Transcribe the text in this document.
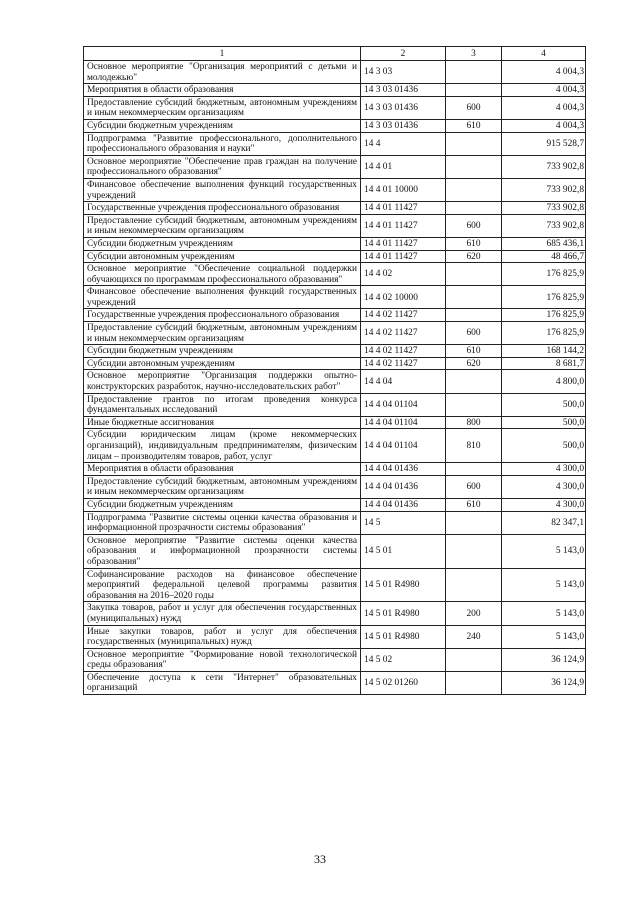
1	2	3	4
Основное мероприятие "Организация мероприятий с детьми и молодежью"	14 3 03		4 004,3
Мероприятия в области образования	14 3 03 01436		4 004,3
Предоставление субсидий бюджетным, автономным учреждениям и иным некоммерческим организациям	14 3 03 01436	600	4 004,3
Субсидии бюджетным учреждениям	14 3 03 01436	610	4 004,3
Подпрограмма "Развитие профессионального, дополнительного профессионального образования и науки"	14 4		915 528,7
Основное мероприятие "Обеспечение прав граждан на получение профессионального образования"	14 4 01		733 902,8
Финансовое обеспечение выполнения функций государственных учреждений	14 4 01 10000		733 902,8
Государственные учреждения профессионального образования	14 4 01 11427		733 902,8
Предоставление субсидий бюджетным, автономным учреждениям и иным некоммерческим организациям	14 4 01 11427	600	733 902,8
Субсидии бюджетным учреждениям	14 4 01 11427	610	685 436,1
Субсидии автономным учреждениям	14 4 01 11427	620	48 466,7
Основное мероприятие "Обеспечение социальной поддержки обучающихся по программам профессионального образования"	14 4 02		176 825,9
Финансовое обеспечение выполнения функций государственных учреждений	14 4 02 10000		176 825,9
Государственные учреждения профессионального образования	14 4 02 11427		176 825,9
Предоставление субсидий бюджетным, автономным учреждениям и иным некоммерческим организациям	14 4 02 11427	600	176 825,9
Субсидии бюджетным учреждениям	14 4 02 11427	610	168 144,2
Субсидии автономным учреждениям	14 4 02 11427	620	8 681,7
Основное мероприятие "Организация поддержки опытно-конструкторских разработок, научно-исследовательских работ"	14 4 04		4 800,0
Предоставление грантов по итогам проведения конкурса фундаментальных исследований	14 4 04 01104		500,0
Иные бюджетные ассигнования	14 4 04 01104	800	500,0
Субсидии юридическим лицам (кроме некоммерческих организаций), индивидуальным предпринимателям, физическим лицам – производителям товаров, работ, услуг	14 4 04 01104	810	500,0
Мероприятия в области образования	14 4 04 01436		4 300,0
Предоставление субсидий бюджетным, автономным учреждениям и иным некоммерческим организациям	14 4 04 01436	600	4 300,0
Субсидии бюджетным учреждениям	14 4 04 01436	610	4 300,0
Подпрограмма "Развитие системы оценки качества образования и информационной прозрачности системы образования"	14 5		82 347,1
Основное мероприятие "Развитие системы оценки качества образования и информационной прозрачности системы образования"	14 5 01		5 143,0
Софинансирование расходов на финансовое обеспечение мероприятий федеральной целевой программы развития образования на 2016–2020 годы	14 5 01 R4980		5 143,0
Закупка товаров, работ и услуг для обеспечения государственных (муниципальных) нужд	14 5 01 R4980	200	5 143,0
Иные закупки товаров, работ и услуг для обеспечения государственных (муниципальных) нужд	14 5 01 R4980	240	5 143,0
Основное мероприятие "Формирование новой технологической среды образования"	14 5 02		36 124,9
Обеспечение доступа к сети "Интернет" образовательных организаций	14 5 02 01260		36 124,9
33
